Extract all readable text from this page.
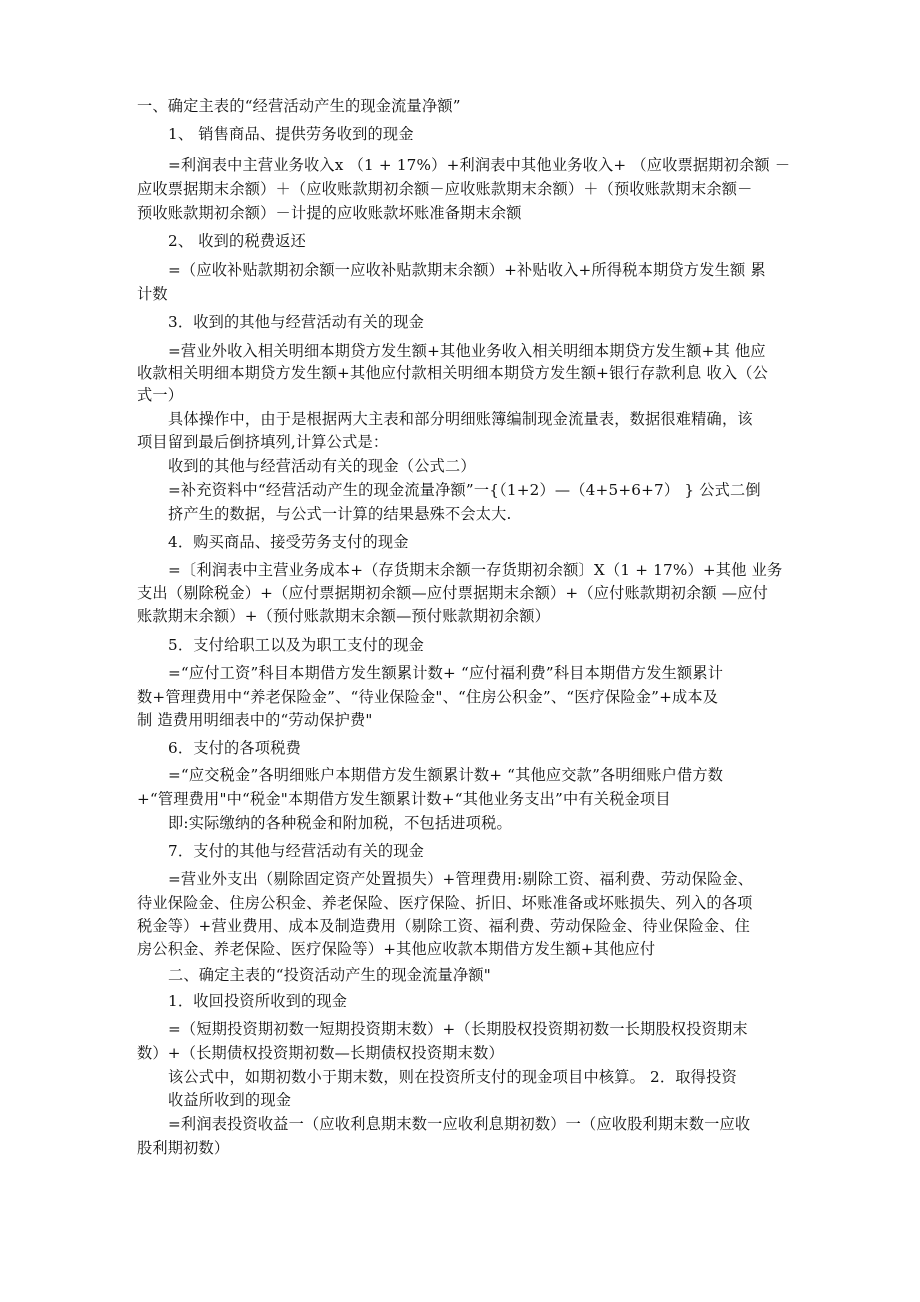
一、确定主表的“经营活动产生的现金流量净额”
1、 销售商品、提供劳务收到的现金
=利润表中主营业务收入x （1 + 17%）+利润表中其他业务收入+ （应收票据期初余额 －
应收票据期末余额）＋（应收账款期初余额－应收账款期末余额）＋（预收账款期末余额－
预收账款期初余额）－计提的应收账款坏账准备期末余额
2、 收到的税费返还
=（应收补贴款期初余额一应收补贴款期末余额）+补贴收入+所得税本期贷方发生额 累
计数
3．收到的其他与经营活动有关的现金
=营业外收入相关明细本期贷方发生额+其他业务收入相关明细本期贷方发生额+其 他应
收款相关明细本期贷方发生额+其他应付款相关明细本期贷方发生额+银行存款利息 收入（公
式一）
具体操作中，由于是根据两大主表和部分明细账簿编制现金流量表，数据很难精确，该
项目留到最后倒挤填列,计算公式是：
收到的其他与经营活动有关的现金（公式二）
=补充资料中“经营活动产生的现金流量净额”一{（1+2）—（4+5+6+7） } 公式二倒
挤产生的数据，与公式一计算的结果悬殊不会太大.
4．购买商品、接受劳务支付的现金
=〔利润表中主营业务成本+（存货期末余额一存货期初余额〕X（1 + 17%）+其他 业务
支出（剔除税金）+（应付票据期初余额—应付票据期末余额）+（应付账款期初余额 —应付
账款期末余额）+（预付账款期末余额—预付账款期初余额）
5．支付给职工以及为职工支付的现金
=“应付工资”科目本期借方发生额累计数+ “应付福利费”科目本期借方发生额累计
数+管理费用中“养老保险金”、“待业保险金"、“住房公积金”、“医疗保险金”+成本及
制 造费用明细表中的“劳动保护费"
6．支付的各项税费
=“应交税金”各明细账户本期借方发生额累计数+ “其他应交款”各明细账户借方数
+“管理费用"中“税金"本期借方发生额累计数+“其他业务支出”中有关税金项目
即:实际缴纳的各种税金和附加税，不包括进项税。
7．支付的其他与经营活动有关的现金
=营业外支出（剔除固定资产处置损失）+管理费用:剔除工资、福利费、劳动保险金、
待业保险金、住房公积金、养老保险、医疗保险、折旧、坏账准备或坏账损失、列入的各项
税金等）+营业费用、成本及制造费用（剔除工资、福利费、劳动保险金、待业保险金、住
房公积金、养老保险、医疗保险等）+其他应收款本期借方发生额+其他应付
二、确定主表的“投资活动产生的现金流量净额"
1．收回投资所收到的现金
=（短期投资期初数一短期投资期末数）+（长期股权投资期初数一长期股权投资期末
数）+（长期债权投资期初数—长期债权投资期末数）
该公式中，如期初数小于期末数，则在投资所支付的现金项目中核算。 2．取得投资
收益所收到的现金
=利润表投资收益一（应收利息期末数一应收利息期初数）一（应收股利期末数一应收
股利期初数）
